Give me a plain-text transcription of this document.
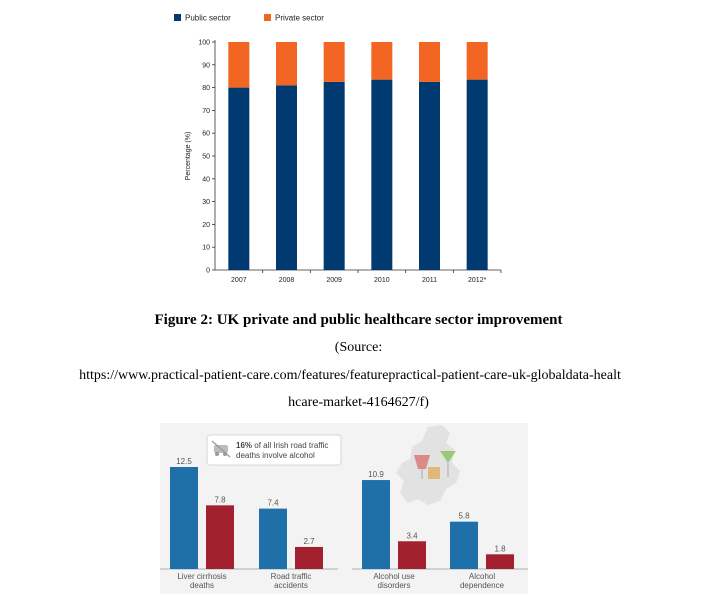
Public sector	Private sector
0
10
20
30
40
50
60
70
80
90
100
Percentage (%)
2007	2008	2009	2010	2011	2012*
Figure 2: UK private and public healthcare sector improvement
(Source:
https://www.practical-patient-care.com/features/featurepractical-patient-care-uk-globaldata-healt
hcare-market-4164627/f)
16% of all Irish road traffic
deaths involve alcohol
12.5
7.8
Liver cirrhosis
deaths
7.4
2.7
Road traffic
accidents
10.9
3.4
Alcohol use
disorders
5.8
1.8
Alcohol
dependence
